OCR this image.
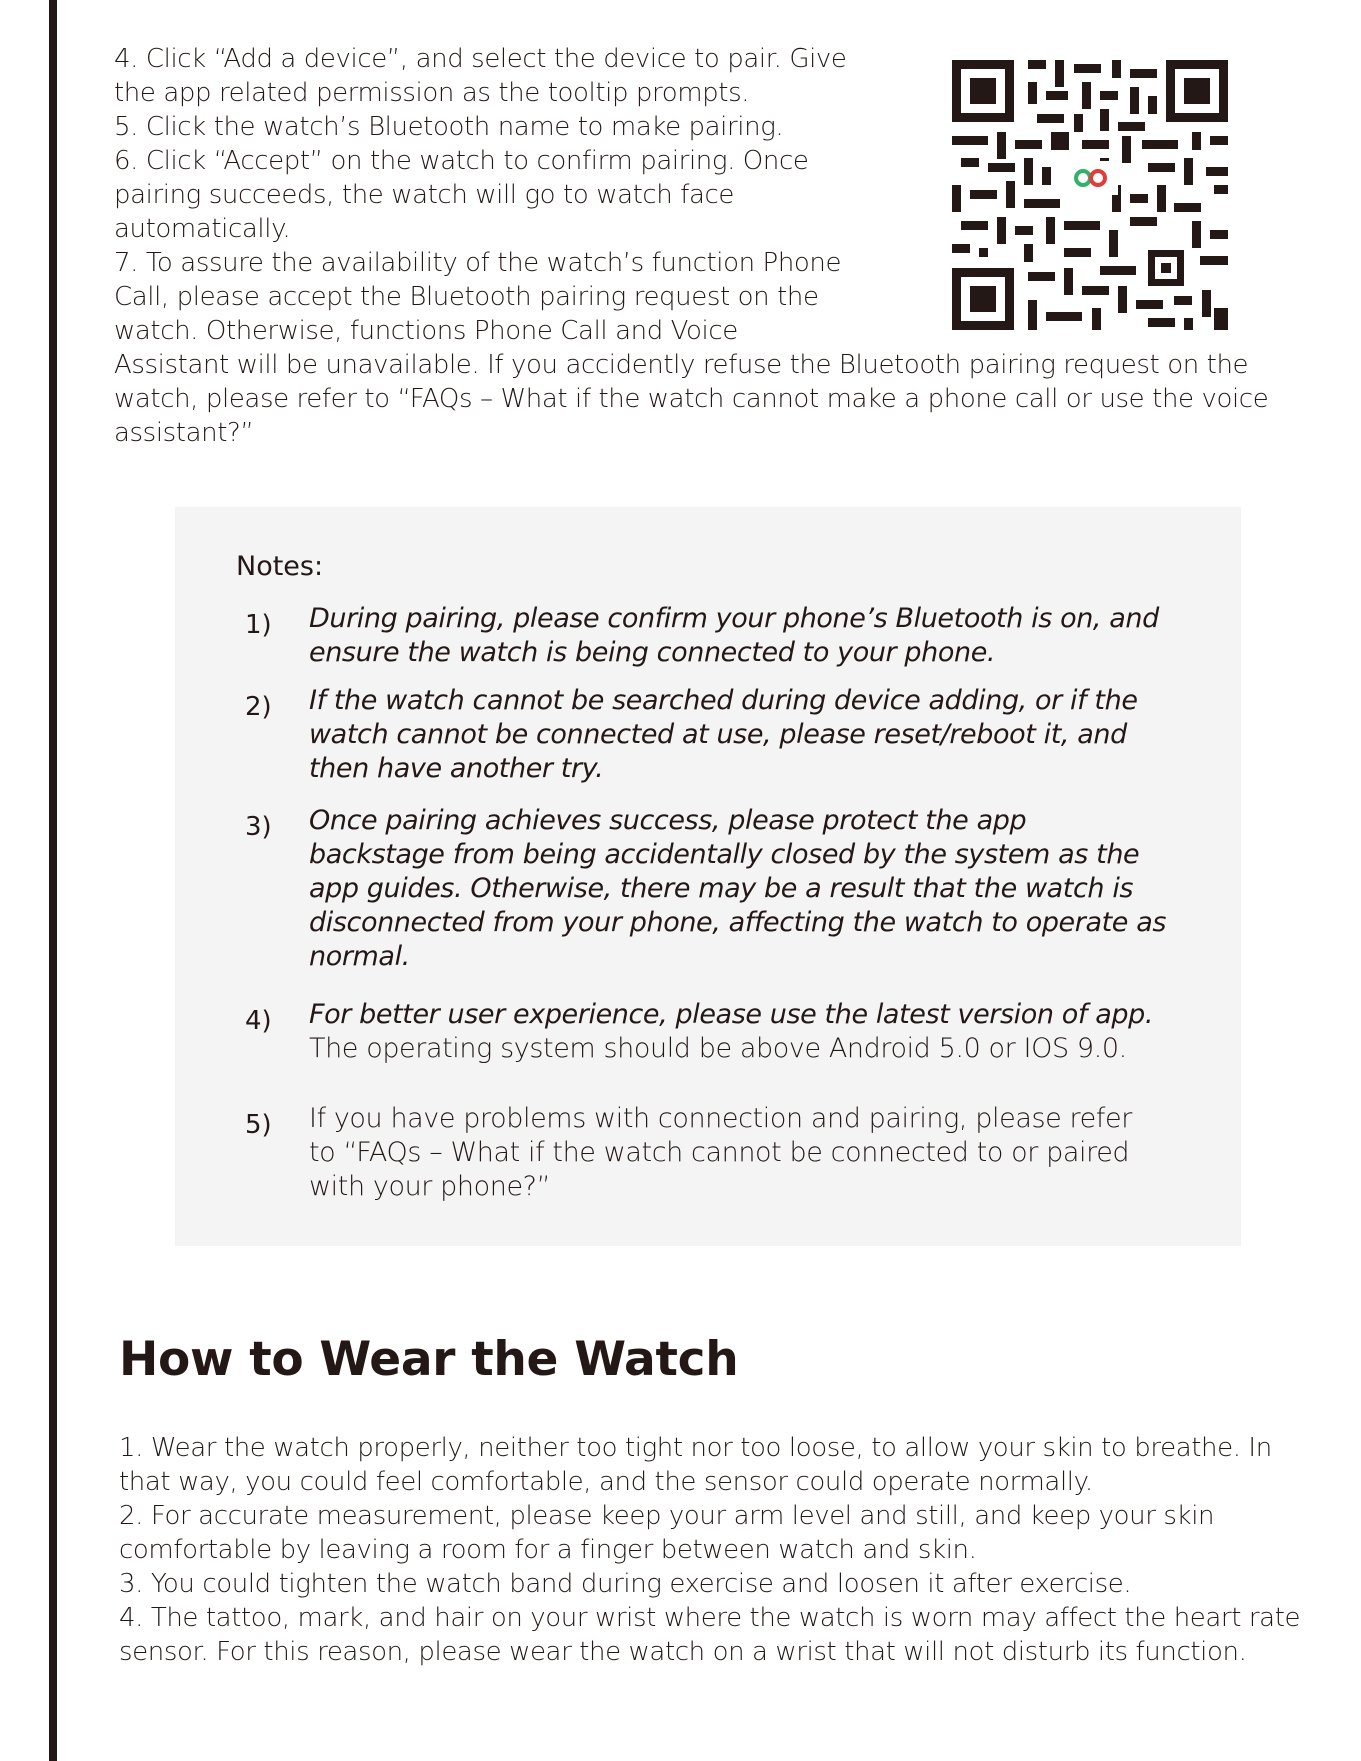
4. Click “Add a device”, and select the device to pair. Give
the app related permission as the tooltip prompts.
5. Click the watch’s Bluetooth name to make pairing.
6. Click “Accept” on the watch to confirm pairing. Once
pairing succeeds, the watch will go to watch face
automatically.
7. To assure the availability of the watch’s function Phone
Call, please accept the Bluetooth pairing request on the
watch. Otherwise, functions Phone Call and Voice
Assistant will be unavailable. If you accidently refuse the Bluetooth pairing request on the
watch, please refer to “FAQs – What if the watch cannot make a phone call or use the voice
assistant?”

Notes:

1) During pairing, please confirm your phone’s Bluetooth is on, and
ensure the watch is being connected to your phone.

2) If the watch cannot be searched during device adding, or if the
watch cannot be connected at use, please reset/reboot it, and
then have another try.

3) Once pairing achieves success, please protect the app
backstage from being accidentally closed by the system as the
app guides. Otherwise, there may be a result that the watch is
disconnected from your phone, affecting the watch to operate as
normal.

4) For better user experience, please use the latest version of app.
The operating system should be above Android 5.0 or IOS 9.0.

5) If you have problems with connection and pairing, please refer
to “FAQs – What if the watch cannot be connected to or paired
with your phone?”

How to Wear the Watch
1. Wear the watch properly, neither too tight nor too loose, to allow your skin to breathe. In
that way, you could feel comfortable, and the sensor could operate normally.
2. For accurate measurement, please keep your arm level and still, and keep your skin
comfortable by leaving a room for a finger between watch and skin.
3. You could tighten the watch band during exercise and loosen it after exercise.
4. The tattoo, mark, and hair on your wrist where the watch is worn may affect the heart rate
sensor. For this reason, please wear the watch on a wrist that will not disturb its function.
